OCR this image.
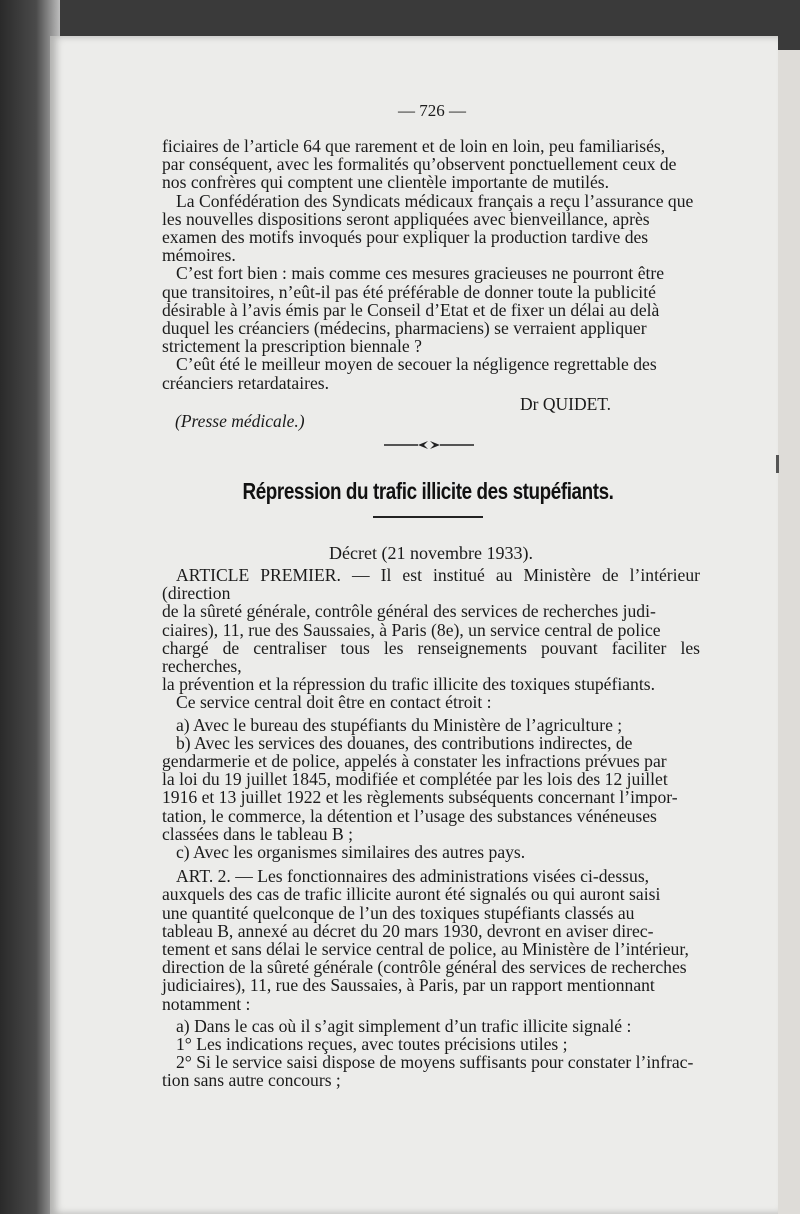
— 726 —
ficiaires de l’article 64 que rarement et de loin en loin, peu familiarisés,
par conséquent, avec les formalités qu’observent ponctuellement ceux de
nos confrères qui comptent une clientèle importante de mutilés.
La Confédération des Syndicats médicaux français a reçu l’assurance que
les nouvelles dispositions seront appliquées avec bienveillance, après
examen des motifs invoqués pour expliquer la production tardive des
mémoires.
C’est fort bien : mais comme ces mesures gracieuses ne pourront être
que transitoires, n’eût-il pas été préférable de donner toute la publicité
désirable à l’avis émis par le Conseil d’Etat et de fixer un délai au delà
duquel les créanciers (médecins, pharmaciens) se verraient appliquer
strictement la prescription biennale ?
C’eût été le meilleur moyen de secouer la négligence regrettable des
créanciers retardataires.
Dr QUIDET.
(Presse médicale.)
Répression du trafic illicite des stupéfiants.
Décret (21 novembre 1933).
ARTICLE PREMIER. — Il est institué au Ministère de l’intérieur (direction
de la sûreté générale, contrôle général des services de recherches judi-
ciaires), 11, rue des Saussaies, à Paris (8e), un service central de police
chargé de centraliser tous les renseignements pouvant faciliter les recherches,
la prévention et la répression du trafic illicite des toxiques stupéfiants.
Ce service central doit être en contact étroit :
a) Avec le bureau des stupéfiants du Ministère de l’agriculture ;
b) Avec les services des douanes, des contributions indirectes, de
gendarmerie et de police, appelés à constater les infractions prévues par
la loi du 19 juillet 1845, modifiée et complétée par les lois des 12 juillet
1916 et 13 juillet 1922 et les règlements subséquents concernant l’impor-
tation, le commerce, la détention et l’usage des substances vénéneuses
classées dans le tableau B ;
c) Avec les organismes similaires des autres pays.
ART. 2. — Les fonctionnaires des administrations visées ci-dessus,
auxquels des cas de trafic illicite auront été signalés ou qui auront saisi
une quantité quelconque de l’un des toxiques stupéfiants classés au
tableau B, annexé au décret du 20 mars 1930, devront en aviser direc-
tement et sans délai le service central de police, au Ministère de l’intérieur,
direction de la sûreté générale (contrôle général des services de recherches
judiciaires), 11, rue des Saussaies, à Paris, par un rapport mentionnant
notamment :
a) Dans le cas où il s’agit simplement d’un trafic illicite signalé :
1° Les indications reçues, avec toutes précisions utiles ;
2° Si le service saisi dispose de moyens suffisants pour constater l’infrac-
tion sans autre concours ;
